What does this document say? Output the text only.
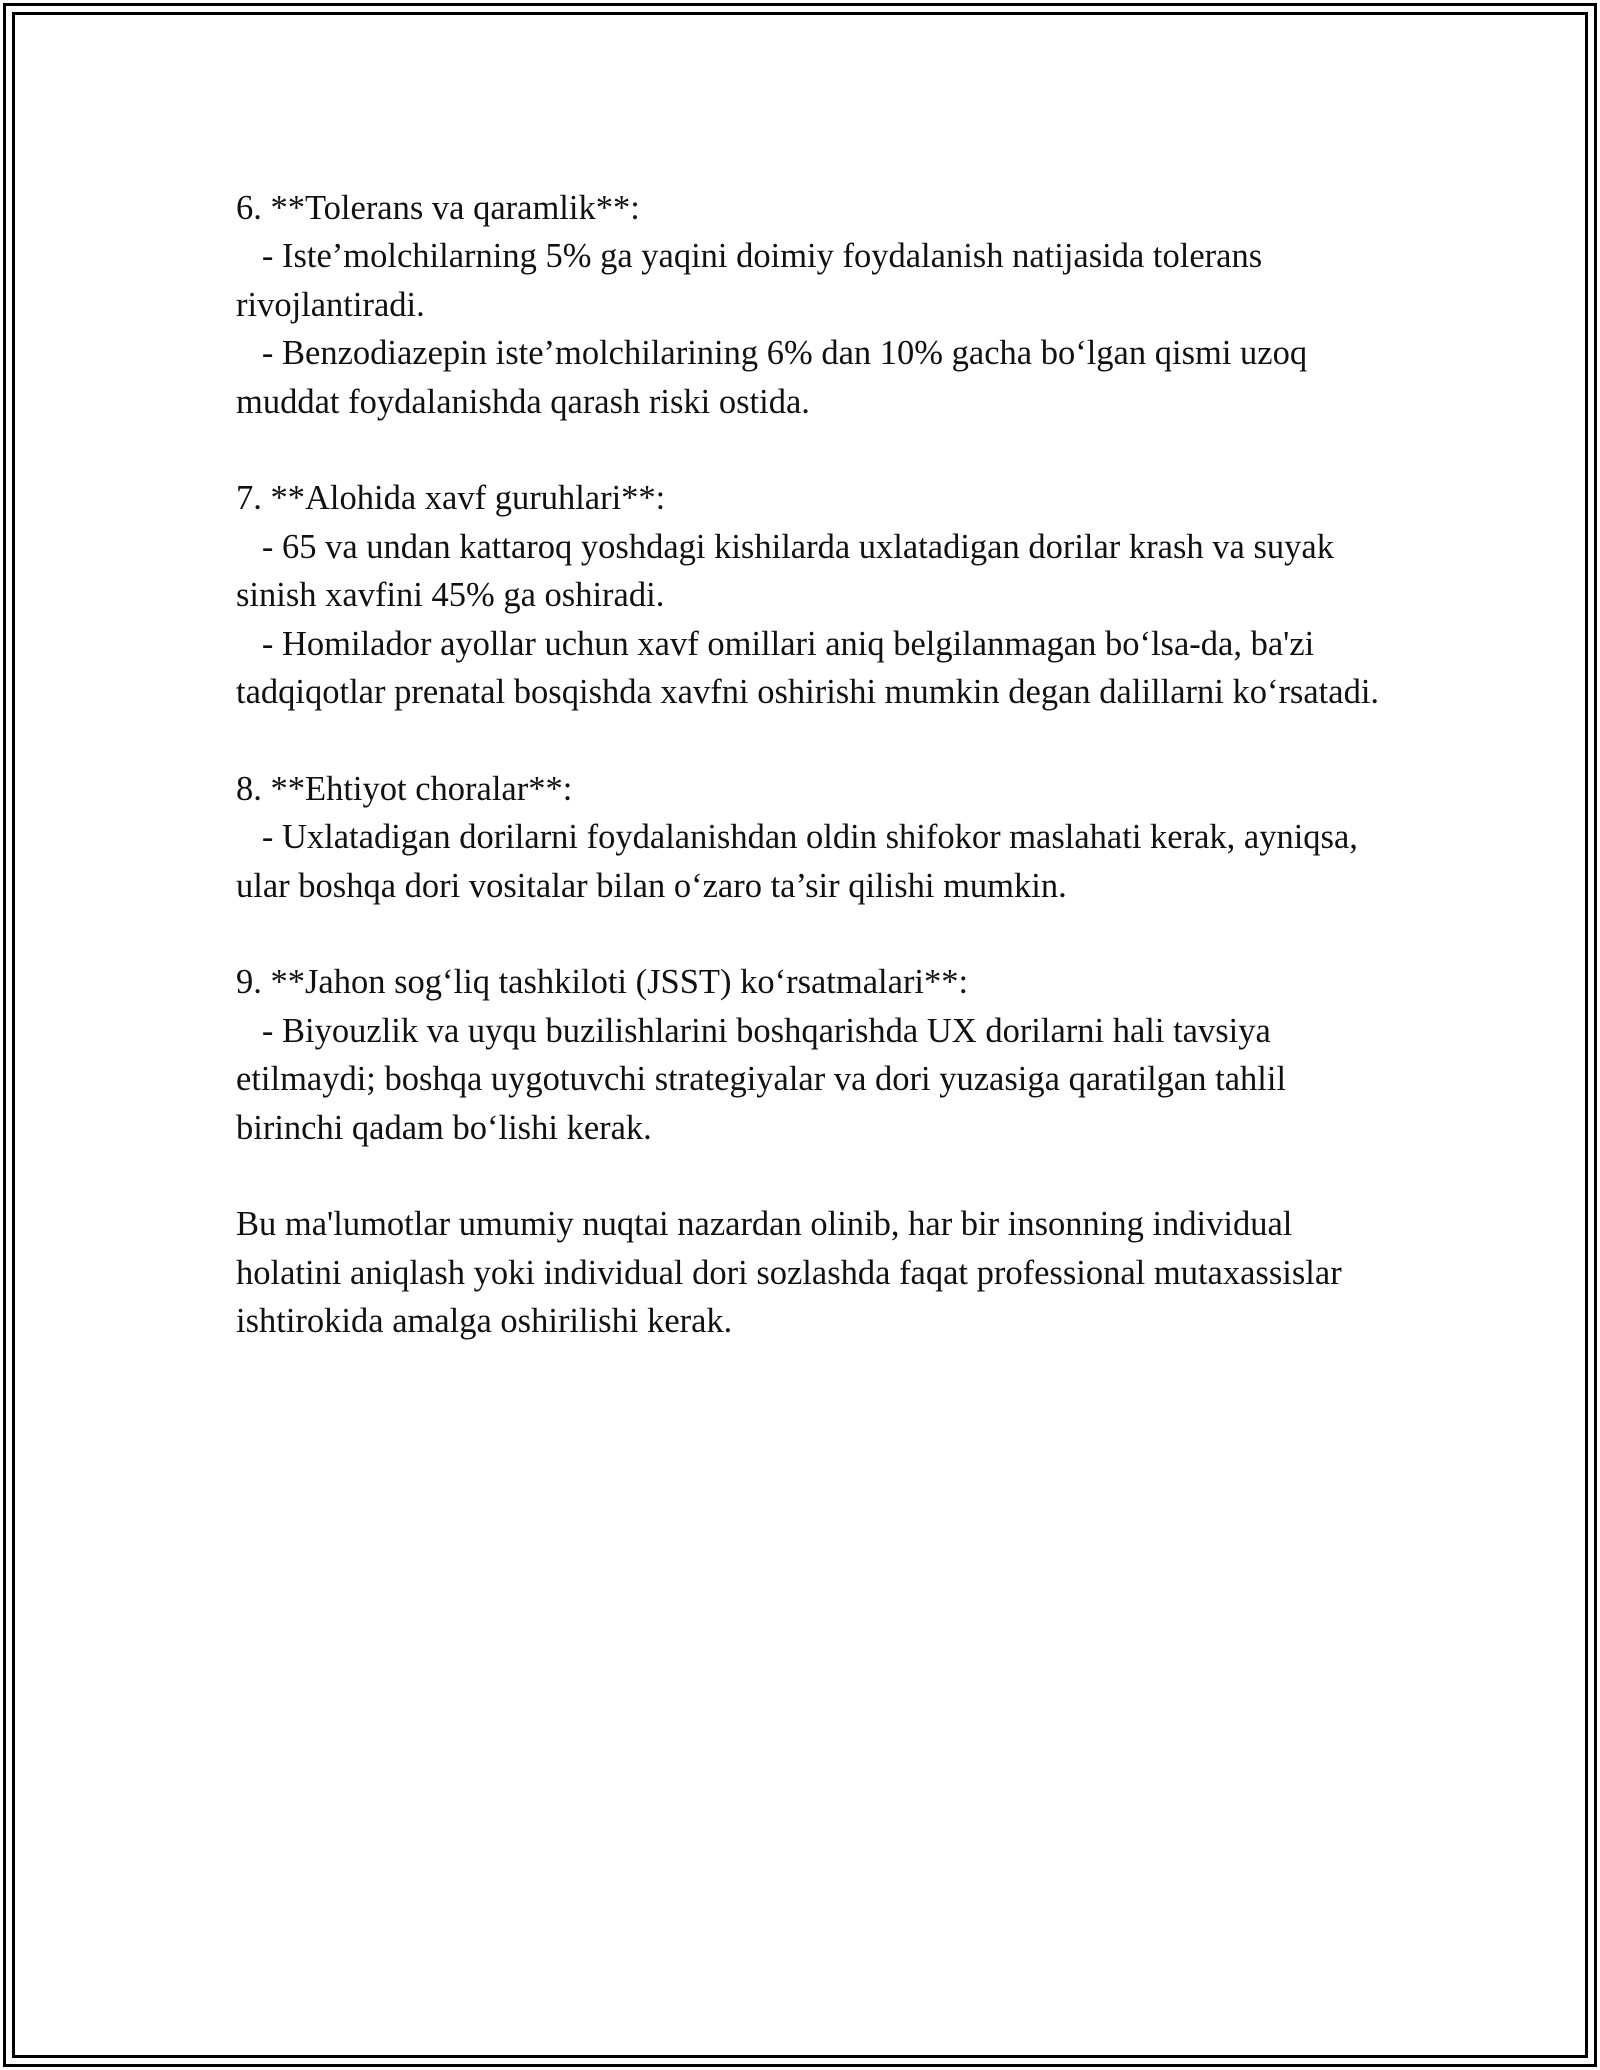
6. **Tolerans va qaramlik**:
- Iste’molchilarning 5% ga yaqini doimiy foydalanish natijasida tolerans rivojlantiradi.
- Benzodiazepin iste’molchilarining 6% dan 10% gacha bo‘lgan qismi uzoq muddat foydalanishda qarash riski ostida.
7. **Alohida xavf guruhlari**:
- 65 va undan kattaroq yoshdagi kishilarda uxlatadigan dorilar krash va suyak sinish xavfini 45% ga oshiradi.
- Homilador ayollar uchun xavf omillari aniq belgilanmagan bo‘lsa-da, ba'zi tadqiqotlar prenatal bosqishda xavfni oshirishi mumkin degan dalillarni ko‘rsatadi.
8. **Ehtiyot choralar**:
- Uxlatadigan dorilarni foydalanishdan oldin shifokor maslahati kerak, ayniqsa, ular boshqa dori vositalar bilan o‘zaro ta’sir qilishi mumkin.
9. **Jahon sog‘liq tashkiloti (JSST) ko‘rsatmalari**:
- Biyouzlik va uyqu buzilishlarini boshqarishda UX dorilarni hali tavsiya etilmaydi; boshqa uygotuvchi strategiyalar va dori yuzasiga qaratilgan tahlil birinchi qadam bo‘lishi kerak.
Bu ma'lumotlar umumiy nuqtai nazardan olinib, har bir insonning individual holatini aniqlash yoki individual dori sozlashda faqat professional mutaxassislar ishtirokida amalga oshirilishi kerak.
